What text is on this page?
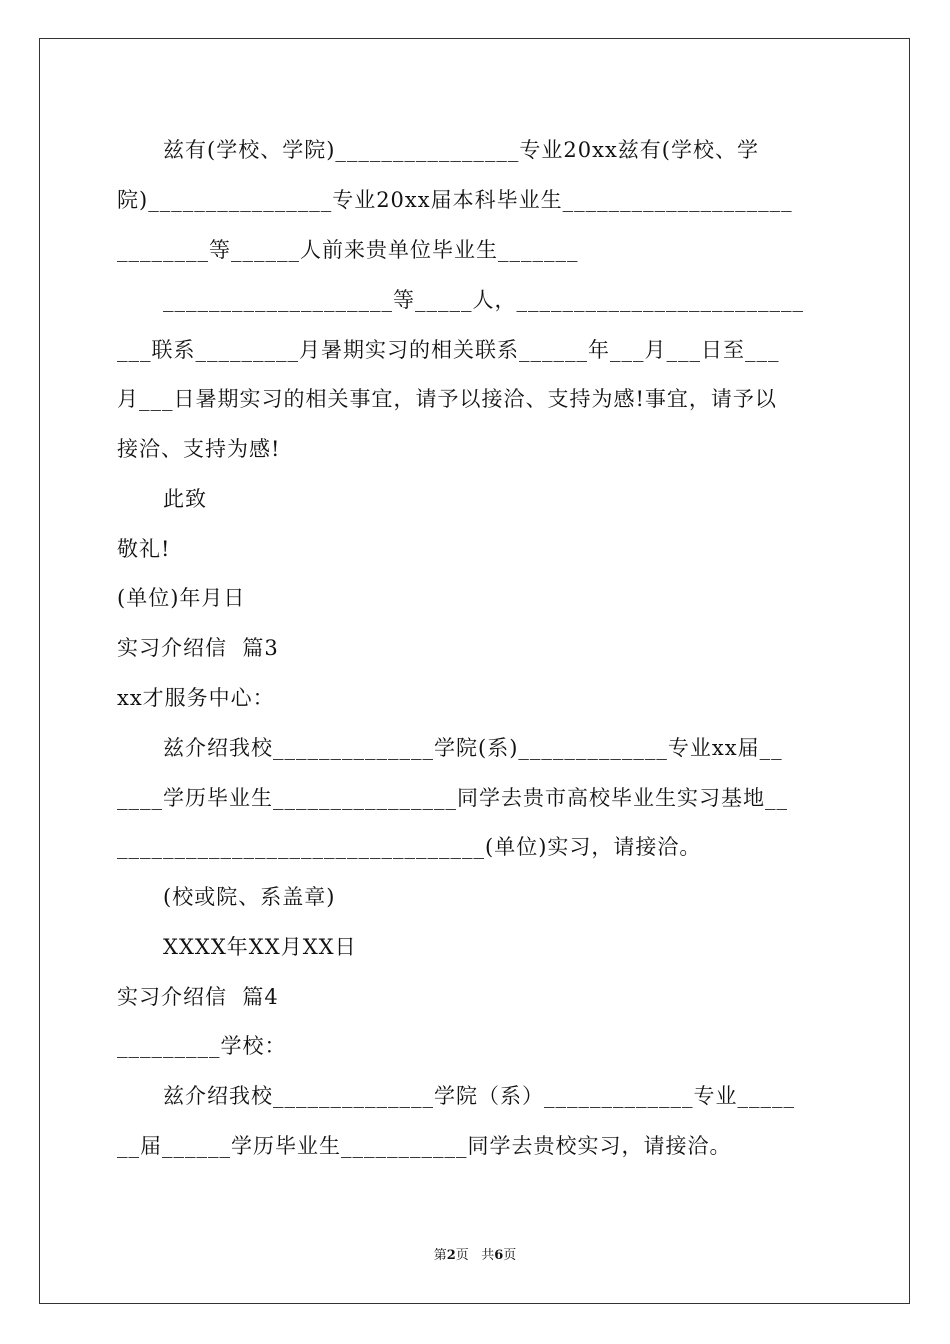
兹有(学校、学院)________________专业20xx兹有(学校、学
院)________________专业20xx届本科毕业生____________________
________等______人前来贵单位毕业生_______
____________________等_____人，_________________________
___联系_________月暑期实习的相关联系______年___月___日至___
月___日暑期实习的相关事宜，请予以接洽、支持为感!事宜，请予以
接洽、支持为感!
此致
敬礼!
(单位)年月日
实习介绍信  篇3
xx才服务中心：
兹介绍我校______________学院(系)_____________专业xx届__
____学历毕业生________________同学去贵市高校毕业生实习基地__
________________________________(单位)实习，请接洽。
(校或院、系盖章)
XXXX年XX月XX日
实习介绍信  篇4
_________学校：
兹介绍我校______________学院（系）_____________专业_____
__届______学历毕业生___________同学去贵校实习，请接洽。
第2页   共6页
